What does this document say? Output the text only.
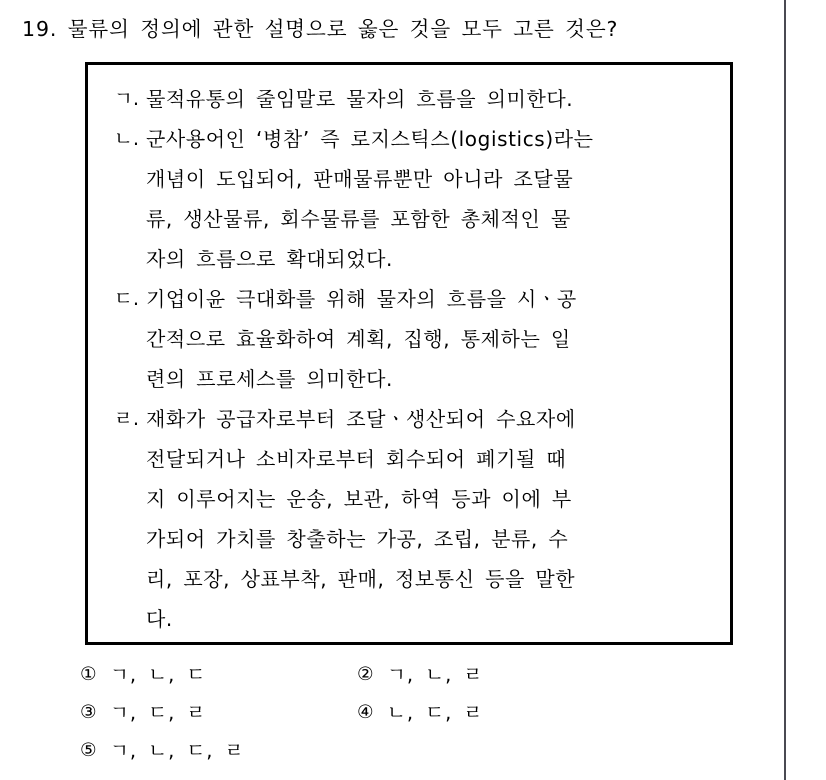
19. 물류의 정의에 관한 설명으로 옳은 것을 모두 고른 것은?
ㄱ. 물적유통의 줄임말로 물자의 흐름을 의미한다.
ㄴ. 군사용어인 ‘병참’ 즉 로지스틱스(logistics)라는
개념이 도입되어, 판매물류뿐만 아니라 조달물
류, 생산물류, 회수물류를 포함한 총체적인 물
자의 흐름으로 확대되었다.
ㄷ. 기업이윤 극대화를 위해 물자의 흐름을 시ㆍ공
간적으로 효율화하여 계획, 집행, 통제하는 일
련의 프로세스를 의미한다.
ㄹ. 재화가 공급자로부터 조달ㆍ생산되어 수요자에
전달되거나 소비자로부터 회수되어 폐기될 때
지 이루어지는 운송, 보관, 하역 등과 이에 부
가되어 가치를 창출하는 가공, 조립, 분류, 수
리, 포장, 상표부착, 판매, 정보통신 등을 말한
다.
① ㄱ, ㄴ, ㄷ	② ㄱ, ㄴ, ㄹ
③ ㄱ, ㄷ, ㄹ	④ ㄴ, ㄷ, ㄹ
⑤ ㄱ, ㄴ, ㄷ, ㄹ
